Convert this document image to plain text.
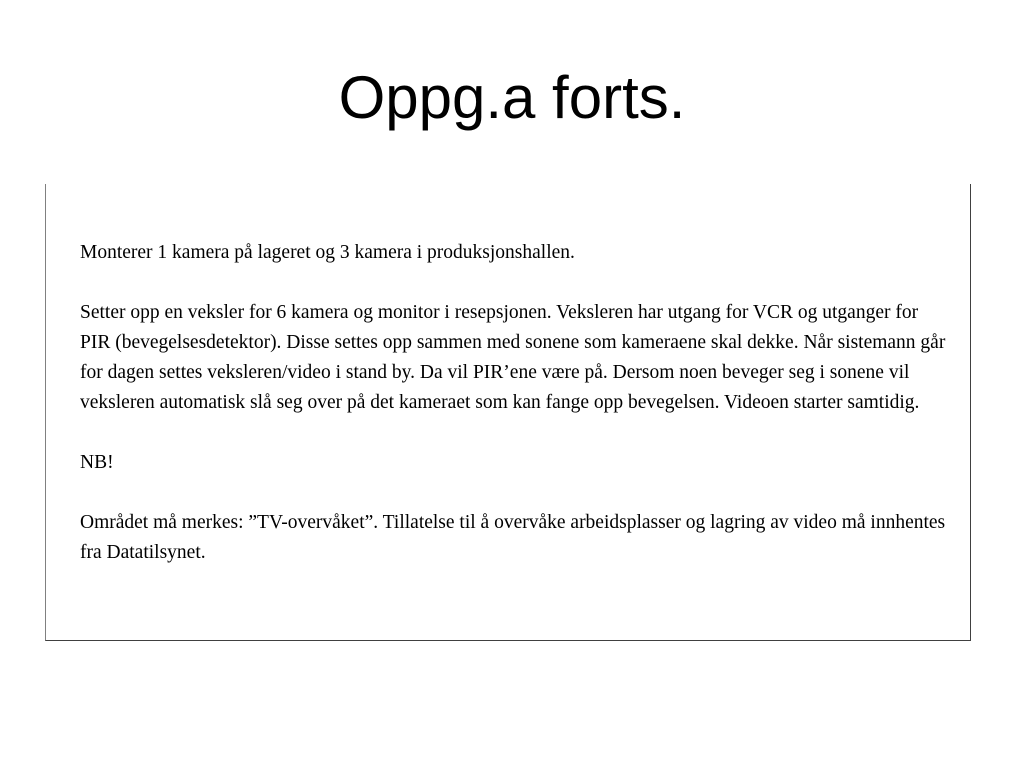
Oppg.a forts.

Monterer 1 kamera på lageret og 3 kamera i produksjonshallen.

Setter opp en veksler for 6 kamera og monitor i resepsjonen. Veksleren har utgang for VCR og utganger for PIR (bevegelsesdetektor). Disse settes opp sammen med sonene som kameraene skal dekke. Når sistemann går for dagen settes veksleren/video i stand by. Da vil PIR’ene være på. Dersom noen beveger seg i sonene vil veksleren automatisk slå seg over på det kameraet som kan fange opp bevegelsen. Videoen starter samtidig.

NB!

Området må merkes: ”TV-overvåket”. Tillatelse til å overvåke arbeidsplasser og lagring av video må innhentes fra Datatilsynet.
